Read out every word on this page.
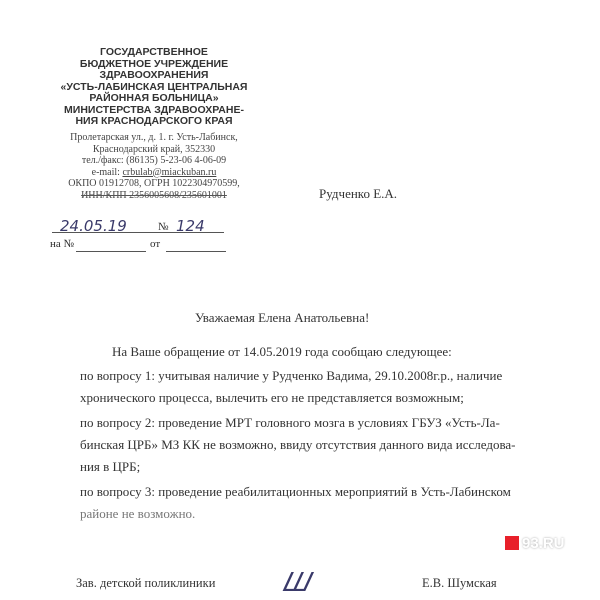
ГОСУДАРСТВЕННОЕ
БЮДЖЕТНОЕ УЧРЕЖДЕНИЕ
ЗДРАВООХРАНЕНИЯ
«УСТЬ-ЛАБИНСКАЯ ЦЕНТРАЛЬНАЯ
РАЙОННАЯ БОЛЬНИЦА»
МИНИСТЕРСТВА ЗДРАВООХРАНЕ-
НИЯ КРАСНОДАРСКОГО КРАЯ
Пролетарская ул., д. 1. г. Усть-Лабинск,
Краснодарский край, 352330
тел./факс: (86135) 5-23-06 4-06-09
e-mail: crbulab@miackuban.ru
ОКПО 01912708, ОГРН 1022304970599,
ИНН/КПП 2356005608/235601001
24.05.19	№ 124
на №	от
Рудченко Е.А.
Уважаемая Елена Анатольевна!
На Ваше обращение от 14.05.2019 года сообщаю следующее:
по вопросу 1: учитывая наличие у Рудченко Вадима, 29.10.2008г.р., наличие
хронического процесса, вылечить его не представляется возможным;
по вопросу 2: проведение МРТ головного мозга в условиях ГБУЗ «Усть-Ла-
бинская ЦРБ» МЗ КК не возможно, ввиду отсутствия данного вида исследова-
ния в ЦРБ;
по вопросу 3: проведение реабилитационных мероприятий в Усть-Лабинском
районе не возможно.
Зав. детской поликлиники Ш	Е.В. Шумская
93.RU
